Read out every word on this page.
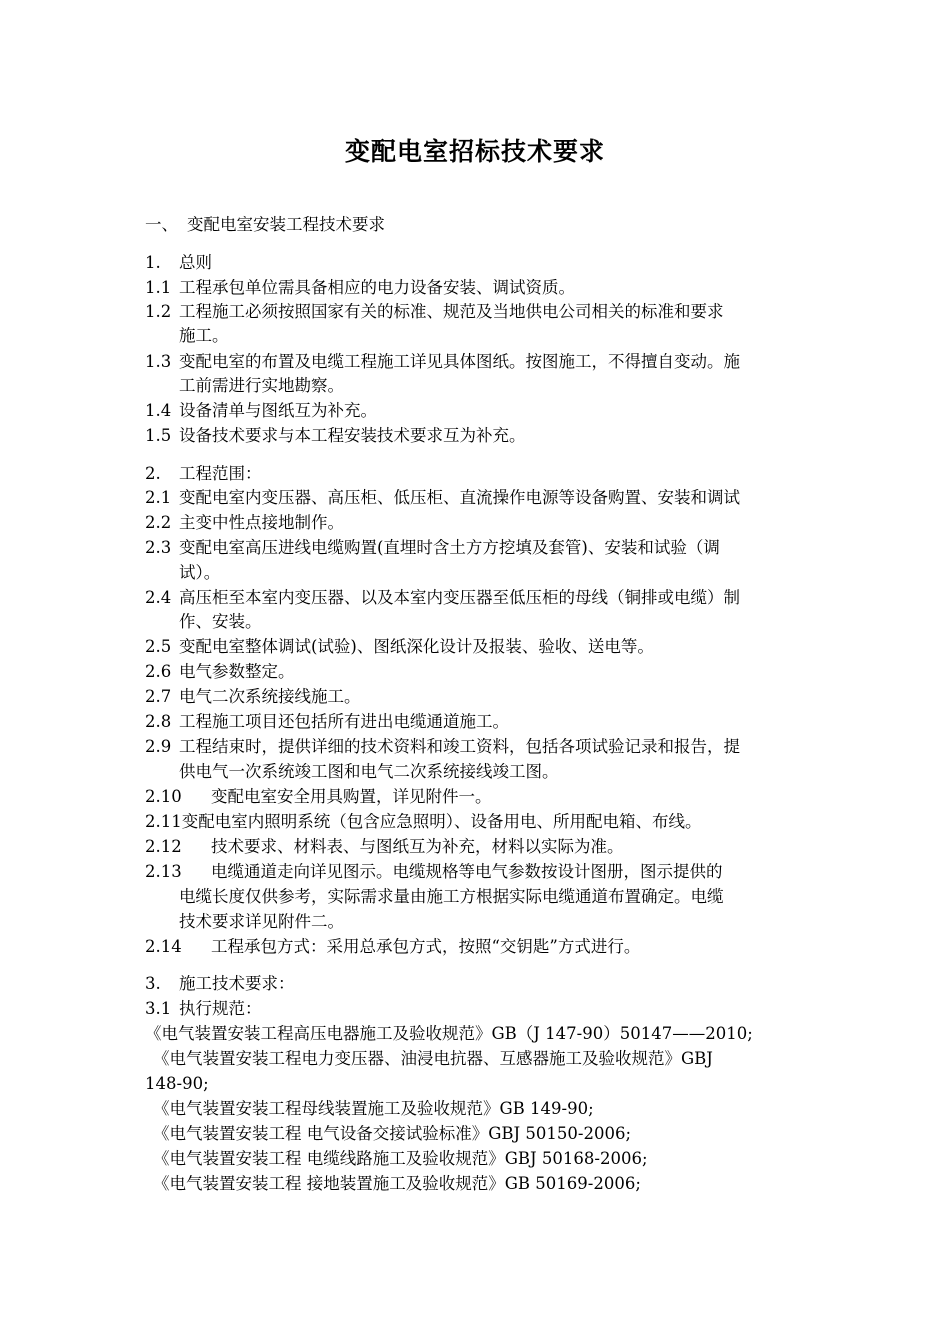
变配电室招标技术要求
一、 变配电室安装工程技术要求
1. 总则
1.1 工程承包单位需具备相应的电力设备安装、调试资质。
1.2 工程施工必须按照国家有关的标准、规范及当地供电公司相关的标准和要求
施工。
1.3 变配电室的布置及电缆工程施工详见具体图纸。按图施工，不得擅自变动。施
工前需进行实地勘察。
1.4 设备清单与图纸互为补充。
1.5 设备技术要求与本工程安装技术要求互为补充。
2. 工程范围：
2.1 变配电室内变压器、高压柜、低压柜、直流操作电源等设备购置、安装和调试
2.2 主变中性点接地制作。
2.3 变配电室高压进线电缆购置(直埋时含土方方挖填及套管)、安装和试验（调
试）。
2.4 高压柜至本室内变压器、以及本室内变压器至低压柜的母线（铜排或电缆）制
作、安装。
2.5 变配电室整体调试(试验)、图纸深化设计及报装、验收、送电等。
2.6 电气参数整定。
2.7 电气二次系统接线施工。
2.8 工程施工项目还包括所有进出电缆通道施工。
2.9 工程结束时，提供详细的技术资料和竣工资料，包括各项试验记录和报告，提
供电气一次系统竣工图和电气二次系统接线竣工图。
2.10 变配电室安全用具购置，详见附件一。
2.11变配电室内照明系统（包含应急照明）、设备用电、所用配电箱、布线。
2.12 技术要求、材料表、与图纸互为补充，材料以实际为准。
2.13 电缆通道走向详见图示。电缆规格等电气参数按设计图册，图示提供的
电缆长度仅供参考，实际需求量由施工方根据实际电缆通道布置确定。电缆
技术要求详见附件二。
2.14 工程承包方式：采用总承包方式，按照“交钥匙”方式进行。
3. 施工技术要求：
3.1 执行规范：
《电气装置安装工程高压电器施工及验收规范》GB（J 147-90）50147——2010;
《电气装置安装工程电力变压器、油浸电抗器、互感器施工及验收规范》GBJ
148-90;
《电气装置安装工程母线装置施工及验收规范》GB 149-90;
《电气装置安装工程 电气设备交接试验标准》GBJ 50150-2006;
《电气装置安装工程 电缆线路施工及验收规范》GBJ 50168-2006;
《电气装置安装工程 接地装置施工及验收规范》GB 50169-2006;
